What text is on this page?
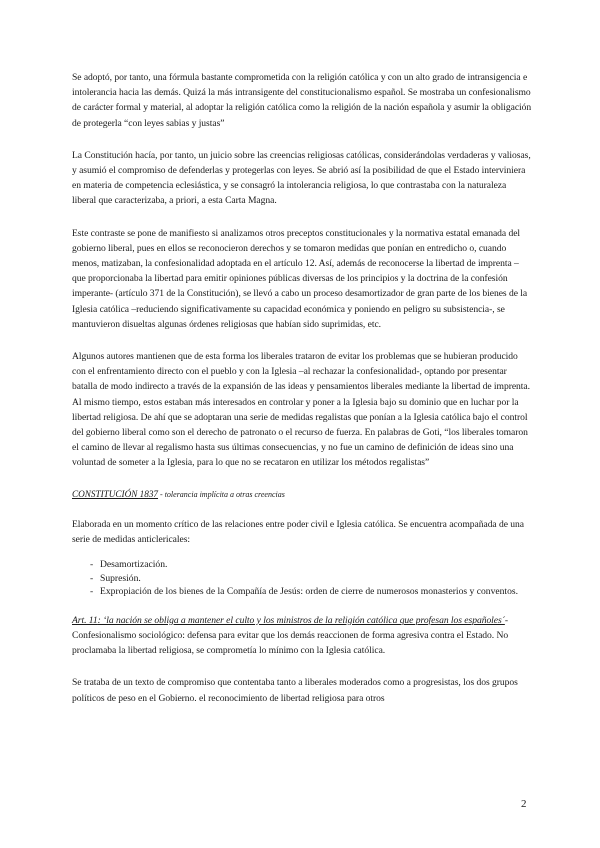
Se adoptó, por tanto, una fórmula bastante comprometida con la religión católica y con un alto grado de intransigencia e intolerancia hacia las demás. Quizá la más intransigente del constitucionalismo español. Se mostraba un confesionalismo de carácter formal y material, al adoptar la religión católica como la religión de la nación española y asumir la obligación de protegerla “con leyes sabias y justas”

La Constitución hacía, por tanto, un juicio sobre las creencias religiosas católicas, considerándolas verdaderas y valiosas, y asumió el compromiso de defenderlas y protegerlas con leyes. Se abrió así la posibilidad de que el Estado interviniera en materia de competencia eclesiástica, y se consagró la intolerancia religiosa, lo que contrastaba con la naturaleza liberal que caracterizaba, a priori, a esta Carta Magna.

Este contraste se pone de manifiesto si analizamos otros preceptos constitucionales y la normativa estatal emanada del gobierno liberal, pues en ellos se reconocieron derechos y se tomaron medidas que ponían en entredicho o, cuando menos, matizaban, la confesionalidad adoptada en el artículo 12. Así, además de reconocerse la libertad de imprenta –que proporcionaba la libertad para emitir opiniones públicas diversas de los principios y la doctrina de la confesión imperante- (artículo 371 de la Constitución), se llevó a cabo un proceso desamortizador de gran parte de los bienes de la Iglesia católica –reduciendo significativamente su capacidad económica y poniendo en peligro su subsistencia-, se mantuvieron disueltas algunas órdenes religiosas que habían sido suprimidas, etc.

Algunos autores mantienen que de esta forma los liberales trataron de evitar los problemas que se hubieran producido con el enfrentamiento directo con el pueblo y con la Iglesia –al rechazar la confesionalidad-, optando por presentar batalla de modo indirecto a través de la expansión de las ideas y pensamientos liberales mediante la libertad de imprenta. Al mismo tiempo, estos estaban más interesados en controlar y poner a la Iglesia bajo su dominio que en luchar por la libertad religiosa. De ahí que se adoptaran una serie de medidas regalistas que ponían a la Iglesia católica bajo el control del gobierno liberal como son el derecho de patronato o el recurso de fuerza. En palabras de Goti, “los liberales tomaron el camino de llevar al regalismo hasta sus últimas consecuencias, y no fue un camino de definición de ideas sino una voluntad de someter a la Iglesia, para lo que no se recataron en utilizar los métodos regalistas”

CONSTITUCIÓN 1837 - tolerancia implícita a otras creencias

Elaborada en un momento crítico de las relaciones entre poder civil e Iglesia católica. Se encuentra acompañada de una serie de medidas anticlericales:

- Desamortización.
- Supresión.
- Expropiación de los bienes de la Compañía de Jesús: orden de cierre de numerosos monasterios y conventos.

Art. 11: ‘la nación se obliga a mantener el culto y los ministros de la religión católica que profesan los españoles´- Confesionalismo sociológico: defensa para evitar que los demás reaccionen de forma agresiva contra el Estado. No proclamaba la libertad religiosa, se comprometía lo mínimo con la Iglesia católica.

Se trataba de un texto de compromiso que contentaba tanto a liberales moderados como a progresistas, los dos grupos políticos de peso en el Gobierno. el reconocimiento de libertad religiosa para otros

2
